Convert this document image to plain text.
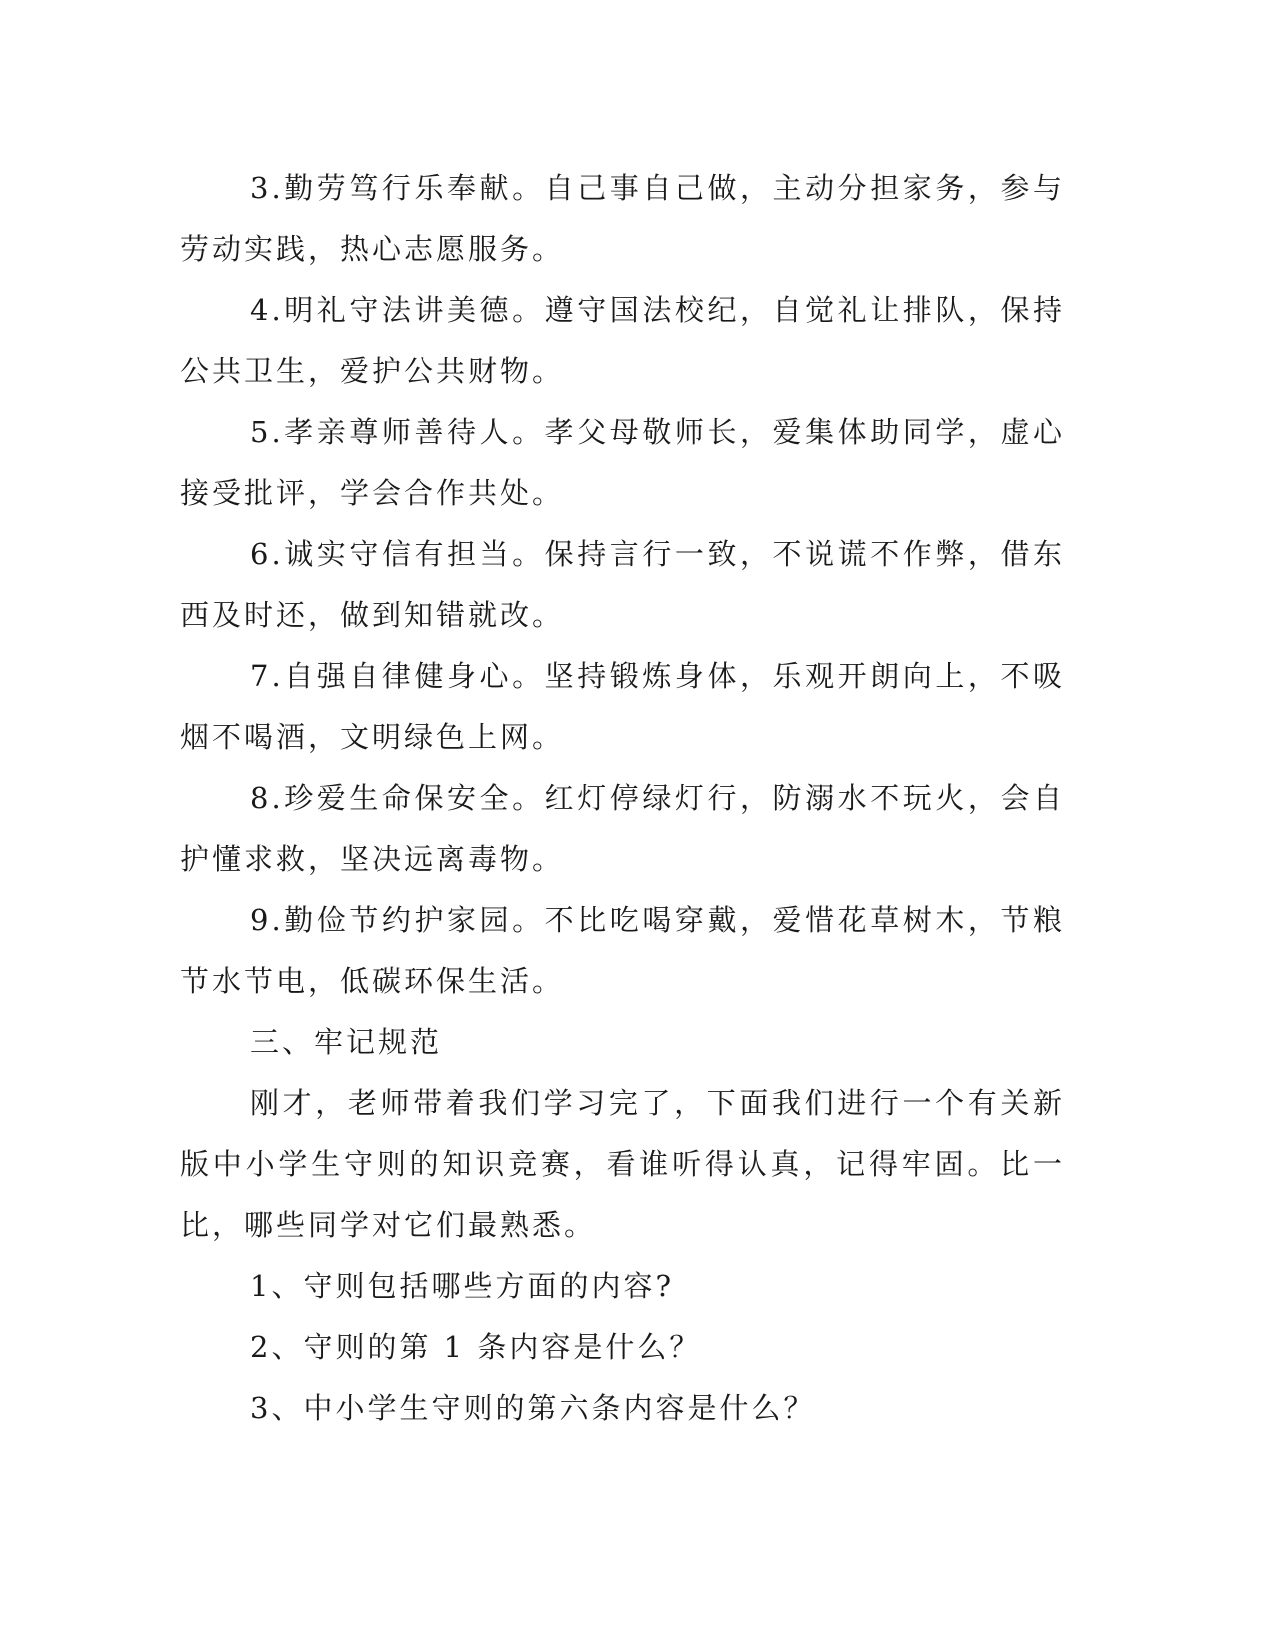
3.勤劳笃行乐奉献。自己事自己做，主动分担家务，参与劳动实践，热心志愿服务。

4.明礼守法讲美德。遵守国法校纪，自觉礼让排队，保持公共卫生，爱护公共财物。

5.孝亲尊师善待人。孝父母敬师长，爱集体助同学，虚心接受批评，学会合作共处。

6.诚实守信有担当。保持言行一致，不说谎不作弊，借东西及时还，做到知错就改。

7.自强自律健身心。坚持锻炼身体，乐观开朗向上，不吸烟不喝酒，文明绿色上网。

8.珍爱生命保安全。红灯停绿灯行，防溺水不玩火，会自护懂求救，坚决远离毒物。

9.勤俭节约护家园。不比吃喝穿戴，爱惜花草树木，节粮节水节电，低碳环保生活。

三、牢记规范

刚才，老师带着我们学习完了，下面我们进行一个有关新版中小学生守则的知识竞赛，看谁听得认真，记得牢固。比一比，哪些同学对它们最熟悉。

1、守则包括哪些方面的内容?

2、守则的第 1 条内容是什么？

3、中小学生守则的第六条内容是什么？
